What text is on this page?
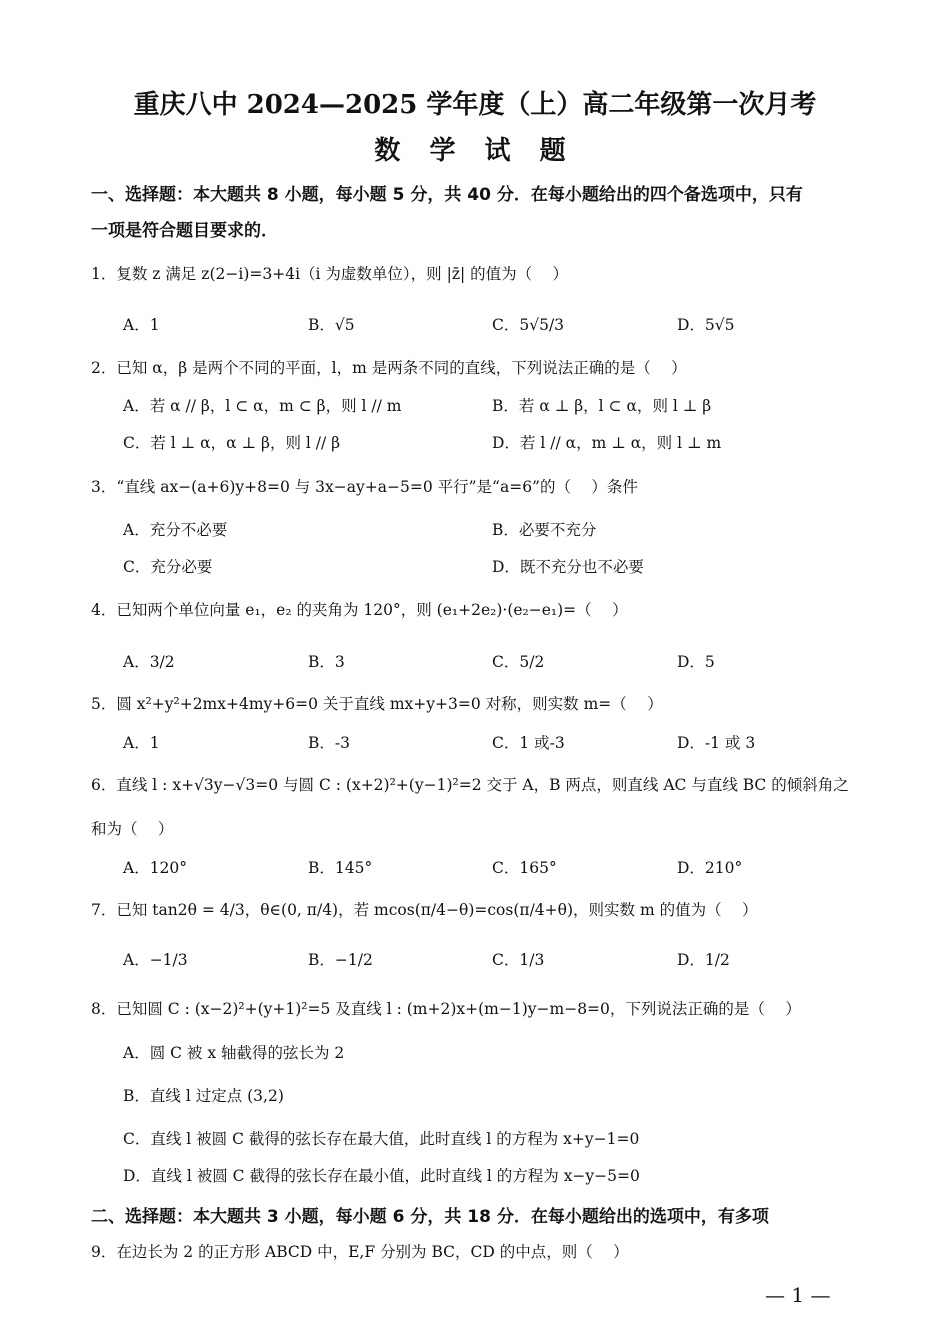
重庆八中 2024—2025 学年度（上）高二年级第一次月考
数 学 试 题
一、选择题：本大题共 8 小题，每小题 5 分，共 40 分．在每小题给出的四个备选项中，只有
一项是符合题目要求的．
1．复数 z 满足 z(2−i)=3+4i（i 为虚数单位），则 |z̄| 的值为（　 ）
A．1	B．√5	C．5√5/3	D．5√5
2．已知 α，β 是两个不同的平面，l，m 是两条不同的直线，下列说法正确的是（　 ）
A．若 α // β，l ⊂ α，m ⊂ β，则 l // m	B．若 α ⊥ β，l ⊂ α，则 l ⊥ β
C．若 l ⊥ α，α ⊥ β，则 l // β	D．若 l // α，m ⊥ α，则 l ⊥ m
3．“直线 ax−(a+6)y+8=0 与 3x−ay+a−5=0 平行”是“a=6”的（　 ）条件
A．充分不必要	B．必要不充分
C．充分必要	D．既不充分也不必要
4．已知两个单位向量 e₁，e₂ 的夹角为 120°，则 (e₁+2e₂)·(e₂−e₁)=（　 ）
A．3/2	B．3	C．5/2	D．5
5．圆 x²+y²+2mx+4my+6=0 关于直线 mx+y+3=0 对称，则实数 m=（　 ）
A．1	B．-3	C．1 或-3	D．-1 或 3
6．直线 l : x+√3y−√3=0 与圆 C : (x+2)²+(y−1)²=2 交于 A，B 两点，则直线 AC 与直线 BC 的倾斜角之
和为（　 ）
A．120°	B．145°	C．165°	D．210°
7．已知 tan2θ = 4/3，θ∈(0, π/4)，若 mcos(π/4−θ)=cos(π/4+θ)，则实数 m 的值为（　 ）
A．−1/3	B．−1/2	C．1/3	D．1/2
8．已知圆 C : (x−2)²+(y+1)²=5 及直线 l : (m+2)x+(m−1)y−m−8=0，下列说法正确的是（　 ）
A．圆 C 被 x 轴截得的弦长为 2
B．直线 l 过定点 (3,2)
C．直线 l 被圆 C 截得的弦长存在最大值，此时直线 l 的方程为 x+y−1=0
D．直线 l 被圆 C 截得的弦长存在最小值，此时直线 l 的方程为 x−y−5=0
二、选择题：本大题共 3 小题，每小题 6 分，共 18 分．在每小题给出的选项中，有多项
9．在边长为 2 的正方形 ABCD 中，E,F 分别为 BC，CD 的中点，则（　 ）
— 1 —
